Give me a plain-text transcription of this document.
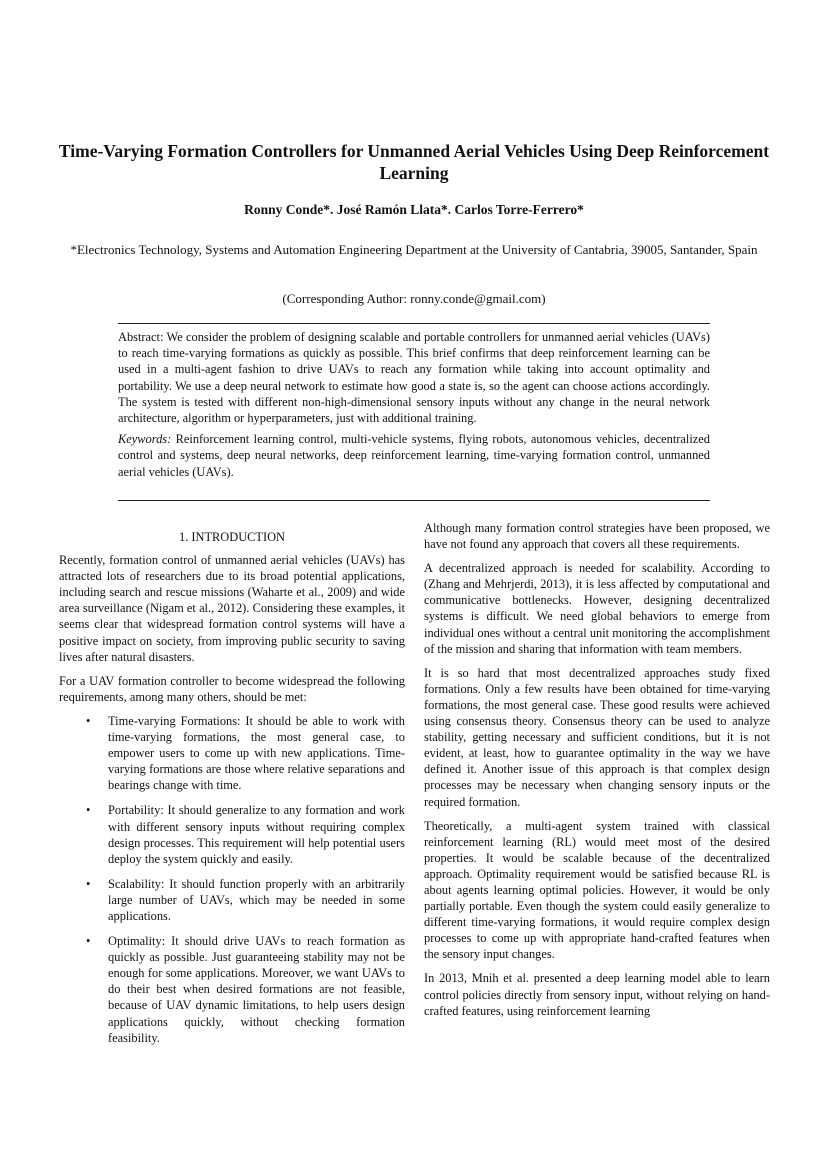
Time-Varying Formation Controllers for Unmanned Aerial Vehicles Using Deep Reinforcement Learning
Ronny Conde*. José Ramón Llata*. Carlos Torre-Ferrero*
*Electronics Technology, Systems and Automation Engineering Department at the University of Cantabria, 39005, Santander, Spain
(Corresponding Author: ronny.conde@gmail.com)

Abstract: We consider the problem of designing scalable and portable controllers for unmanned aerial vehicles (UAVs) to reach time-varying formations as quickly as possible. This brief confirms that deep reinforcement learning can be used in a multi-agent fashion to drive UAVs to reach any formation while taking into account optimality and portability. We use a deep neural network to estimate how good a state is, so the agent can choose actions accordingly. The system is tested with different non-high-dimensional sensory inputs without any change in the neural network architecture, algorithm or hyperparameters, just with additional training.

Keywords: Reinforcement learning control, multi-vehicle systems, flying robots, autonomous vehicles, decentralized control and systems, deep neural networks, deep reinforcement learning, time-varying formation control, unmanned aerial vehicles (UAVs).

1. INTRODUCTION

Recently, formation control of unmanned aerial vehicles (UAVs) has attracted lots of researchers due to its broad potential applications, including search and rescue missions (Waharte et al., 2009) and wide area surveillance (Nigam et al., 2012). Considering these examples, it seems clear that widespread formation control systems will have a positive impact on society, from improving public security to saving lives after natural disasters.

For a UAV formation controller to become widespread the following requirements, among many others, should be met:

• Time-varying Formations: It should be able to work with time-varying formations, the most general case, to empower users to come up with new applications. Time-varying formations are those where relative separations and bearings change with time.
• Portability: It should generalize to any formation and work with different sensory inputs without requiring complex design processes. This requirement will help potential users deploy the system quickly and easily.
• Scalability: It should function properly with an arbitrarily large number of UAVs, which may be needed in some applications.
• Optimality: It should drive UAVs to reach formation as quickly as possible. Just guaranteeing stability may not be enough for some applications. Moreover, we want UAVs to do their best when desired formations are not feasible, because of UAV dynamic limitations, to help users design applications quickly, without checking formation feasibility.

Although many formation control strategies have been proposed, we have not found any approach that covers all these requirements.

A decentralized approach is needed for scalability. According to (Zhang and Mehrjerdi, 2013), it is less affected by computational and communicative bottlenecks. However, designing decentralized systems is difficult. We need global behaviors to emerge from individual ones without a central unit monitoring the accomplishment of the mission and sharing that information with team members.

It is so hard that most decentralized approaches study fixed formations. Only a few results have been obtained for time-varying formations, the most general case. These good results were achieved using consensus theory. Consensus theory can be used to analyze stability, getting necessary and sufficient conditions, but it is not evident, at least, how to guarantee optimality in the way we have defined it. Another issue of this approach is that complex design processes may be necessary when changing sensory inputs or the required formation.

Theoretically, a multi-agent system trained with classical reinforcement learning (RL) would meet most of the desired properties. It would be scalable because of the decentralized approach. Optimality requirement would be satisfied because RL is about agents learning optimal policies. However, it would be only partially portable. Even though the system could easily generalize to different time-varying formations, it would require complex design processes to come up with appropriate hand-crafted features when the sensory input changes.

In 2013, Mnih et al. presented a deep learning model able to learn control policies directly from sensory input, without relying on hand-crafted features, using reinforcement learning
